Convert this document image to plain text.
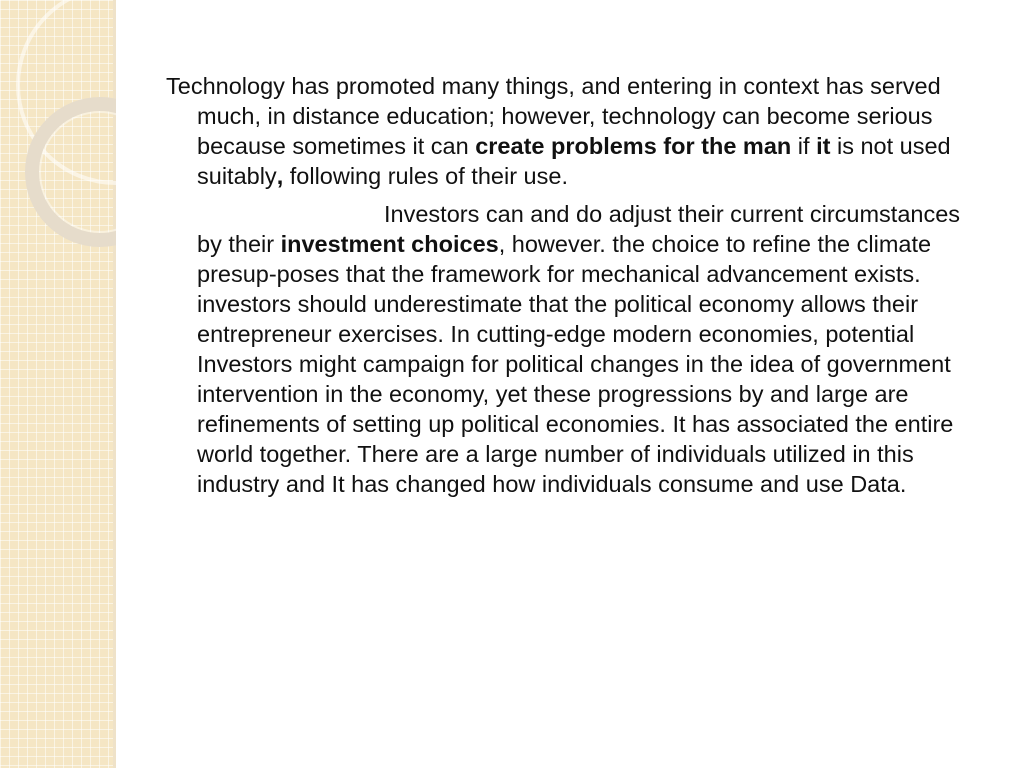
Technology has promoted many things, and entering in context has served much, in distance education; however, technology can become serious because sometimes it can create problems for the man if it is not used suitably, following rules of their use.

Investors can and do adjust their current circumstances by their investment choices, however. the choice to refine the climate presup-poses that the framework for mechanical advancement exists. investors should underestimate that the political economy allows their entrepreneur exercises. In cutting-edge modern economies, potential Investors might campaign for political changes in the idea of government intervention in the economy, yet these progressions by and large are refinements of setting up political economies. It has associated the entire world together. There are a large number of individuals utilized in this industry and It has changed how individuals consume and use Data.
